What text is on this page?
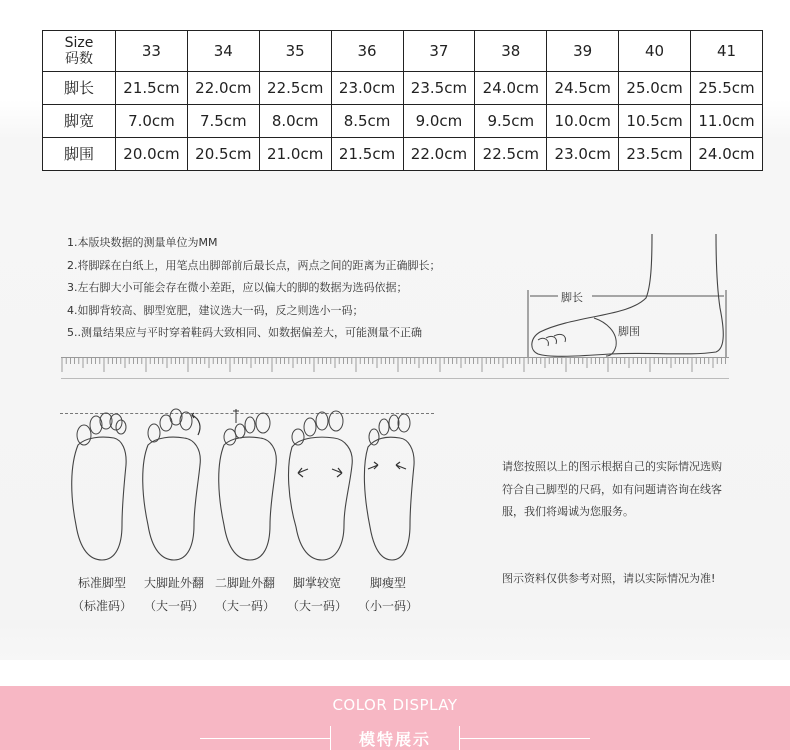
Size
码数	33	34	35	36	37	38	39	40	41
脚长	21.5cm	22.0cm	22.5cm	23.0cm	23.5cm	24.0cm	24.5cm	25.0cm	25.5cm
脚宽	7.0cm	7.5cm	8.0cm	8.5cm	9.0cm	9.5cm	10.0cm	10.5cm	11.0cm
脚围	20.0cm	20.5cm	21.0cm	21.5cm	22.0cm	22.5cm	23.0cm	23.5cm	24.0cm
1.本版块数据的测量单位为MM
2.将脚踩在白纸上，用笔点出脚部前后最长点，两点之间的距离为正确脚长；
3.左右脚大小可能会存在微小差距，应以偏大的脚的数据为选码依据；
4.如脚背较高、脚型宽肥，建议选大一码，反之则选小一码；
5..测量结果应与平时穿着鞋码大致相同、如数据偏差大，可能测量不正确
脚长
脚围
标准脚型	大脚趾外翻 二脚趾外翻	脚掌较宽	脚瘦型
（标准码） （大一码） （大一码） （大一码） （小一码）
请您按照以上的图示根据自己的实际情况选购
符合自己脚型的尺码，如有问题请咨询在线客
服，我们将竭诚为您服务。
图示资料仅供参考对照，请以实际情况为准!
COLOR DISPLAY
模特展示
